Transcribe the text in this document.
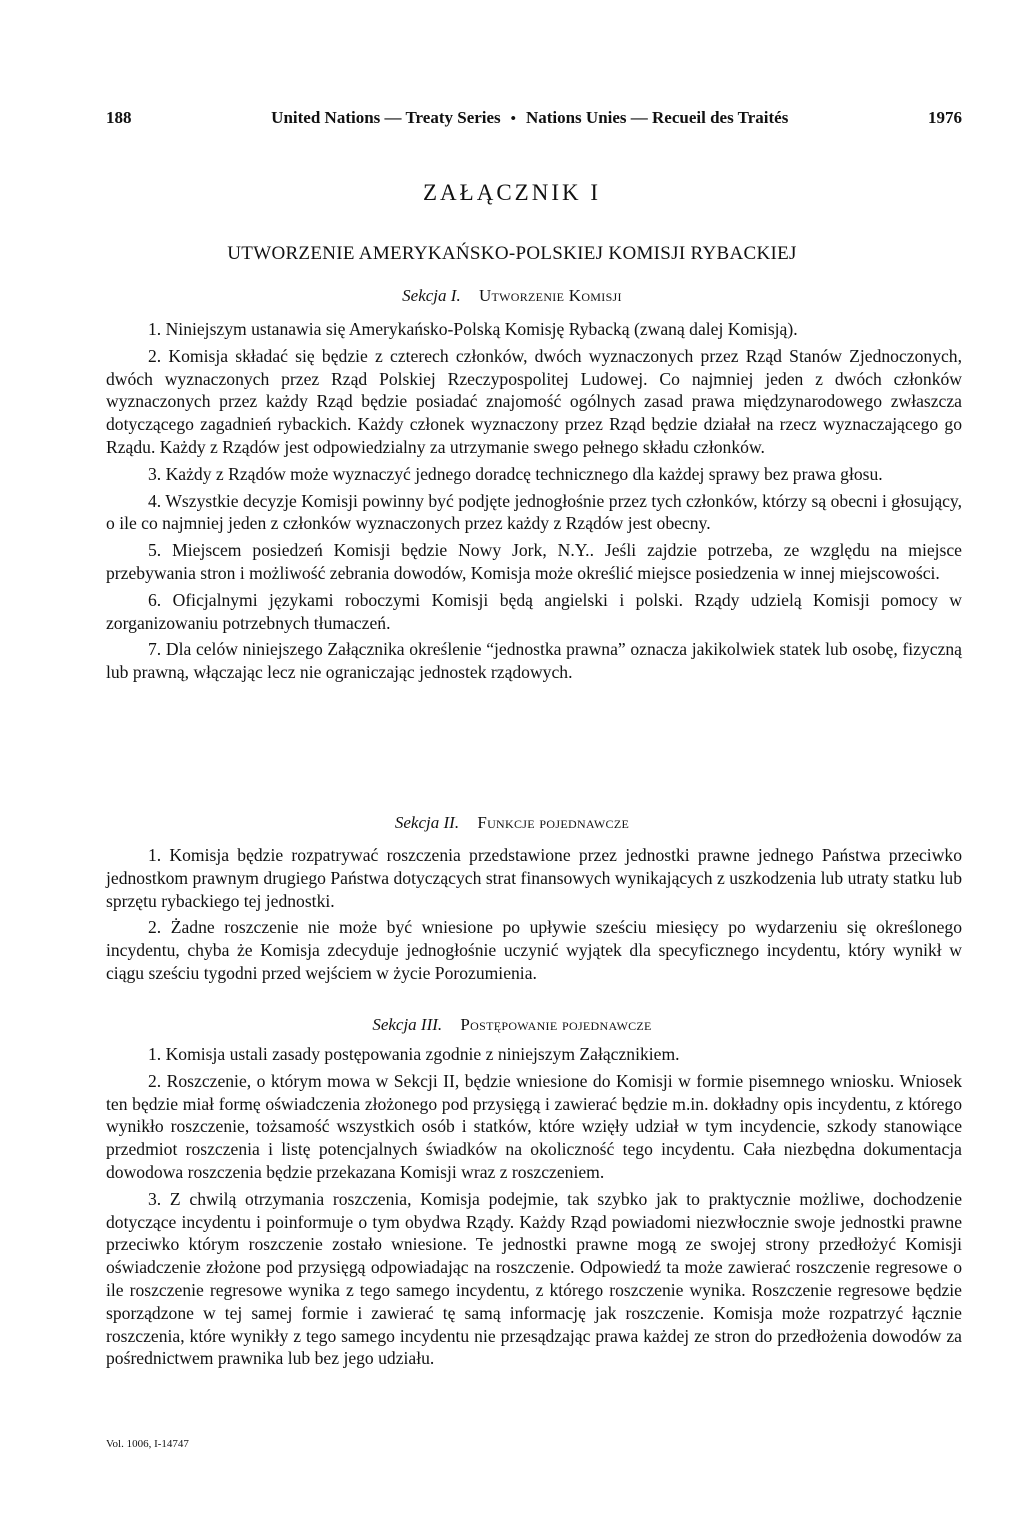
188	United Nations — Treaty Series • Nations Unies — Recueil des Traités	1976
ZAŁĄCZNIK I
UTWORZENIE AMERYKAŃSKO-POLSKIEJ KOMISJI RYBACKIEJ
Sekcja I. Utworzenie Komisji

1. Niniejszym ustanawia się Amerykańsko-Polską Komisję Rybacką (zwaną dalej Komisją).

2. Komisja składać się będzie z czterech członków, dwóch wyznaczonych przez Rząd Stanów Zjednoczonych, dwóch wyznaczonych przez Rząd Polskiej Rzeczypospolitej Ludowej. Co najmniej jeden z dwóch członków wyznaczonych przez każdy Rząd będzie posiadać znajomość ogólnych zasad prawa międzynarodowego zwłaszcza dotyczącego zagadnień rybackich. Każdy członek wyznaczony przez Rząd będzie działał na rzecz wyznaczającego go Rządu. Każdy z Rządów jest odpowiedzialny za utrzymanie swego pełnego składu członków.

3. Każdy z Rządów może wyznaczyć jednego doradcę technicznego dla każdej sprawy bez prawa głosu.

4. Wszystkie decyzje Komisji powinny być podjęte jednogłośnie przez tych członków, którzy są obecni i głosujący, o ile co najmniej jeden z członków wyznaczonych przez każdy z Rządów jest obecny.

5. Miejscem posiedzeń Komisji będzie Nowy Jork, N.Y.. Jeśli zajdzie potrzeba, ze względu na miejsce przebywania stron i możliwość zebrania dowodów, Komisja może określić miejsce posiedzenia w innej miejscowości.

6. Oficjalnymi językami roboczymi Komisji będą angielski i polski. Rządy udzielą Komisji pomocy w zorganizowaniu potrzebnych tłumaczeń.

7. Dla celów niniejszego Załącznika określenie “jednostka prawna” oznacza jakikolwiek statek lub osobę, fizyczną lub prawną, włączając lecz nie ograniczając jednostek rządowych.

Sekcja II. Funkcje pojednawcze

1. Komisja będzie rozpatrywać roszczenia przedstawione przez jednostki prawne jednego Państwa przeciwko jednostkom prawnym drugiego Państwa dotyczących strat finansowych wynikających z uszkodzenia lub utraty statku lub sprzętu rybackiego tej jednostki.

2. Żadne roszczenie nie może być wniesione po upływie sześciu miesięcy po wydarzeniu się określonego incydentu, chyba że Komisja zdecyduje jednogłośnie uczynić wyjątek dla specyficznego incydentu, który wynikł w ciągu sześciu tygodni przed wejściem w życie Porozumienia.

Sekcja III. Postępowanie pojednawcze

1. Komisja ustali zasady postępowania zgodnie z niniejszym Załącznikiem.

2. Roszczenie, o którym mowa w Sekcji II, będzie wniesione do Komisji w formie pisemnego wniosku. Wniosek ten będzie miał formę oświadczenia złożonego pod przysięgą i zawierać będzie m.in. dokładny opis incydentu, z którego wynikło roszczenie, tożsamość wszystkich osób i statków, które wzięły udział w tym incydencie, szkody stanowiące przedmiot roszczenia i listę potencjalnych świadków na okoliczność tego incydentu. Cała niezbędna dokumentacja dowodowa roszczenia będzie przekazana Komisji wraz z roszczeniem.

3. Z chwilą otrzymania roszczenia, Komisja podejmie, tak szybko jak to praktycznie możliwe, dochodzenie dotyczące incydentu i poinformuje o tym obydwa Rządy. Każdy Rząd powiadomi niezwłocznie swoje jednostki prawne przeciwko którym roszczenie zostało wniesione. Te jednostki prawne mogą ze swojej strony przedłożyć Komisji oświadczenie złożone pod przysięgą odpowiadając na roszczenie. Odpowiedź ta może zawierać roszczenie regresowe o ile roszczenie regresowe wynika z tego samego incydentu, z którego roszczenie wynika. Roszczenie regresowe będzie sporządzone w tej samej formie i zawierać tę samą informację jak roszczenie. Komisja może rozpatrzyć łącznie roszczenia, które wynikły z tego samego incydentu nie przesądzając prawa każdej ze stron do przedłożenia dowodów za pośrednictwem prawnika lub bez jego udziału.

Vol. 1006, I-14747
